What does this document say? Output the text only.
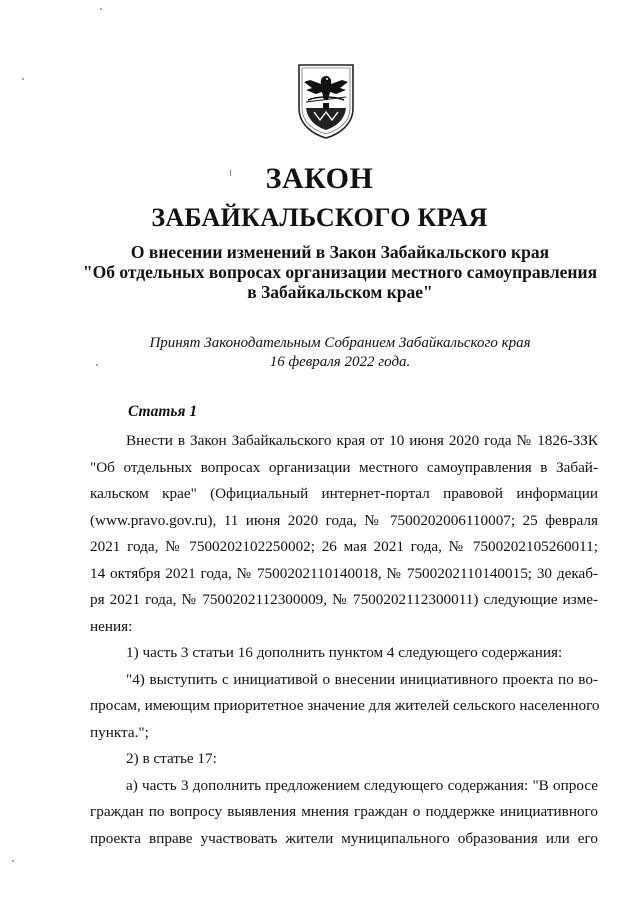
ЗАКОН
ЗАБАЙКАЛЬСКОГО КРАЯ
О внесении изменений в Закон Забайкальского края
"Об отдельных вопросах организации местного самоуправления
в Забайкальском крае"
Принят Законодательным Собранием Забайкальского края
16 февраля 2022 года.
Статья 1
Внести в Закон Забайкальского края от 10 июня 2020 года № 1826-ЗЗК
"Об отдельных вопросах организации местного самоуправления в Забай-
кальском крае" (Официальный интернет-портал правовой информации
(www.pravo.gov.ru), 11 июня 2020 года, № 7500202006110007; 25 февраля
2021 года, № 7500202102250002; 26 мая 2021 года, № 7500202105260011;
14 октября 2021 года, № 7500202110140018, № 7500202110140015; 30 декаб-
ря 2021 года, № 7500202112300009, № 7500202112300011) следующие изме-
нения:
1) часть 3 статьи 16 дополнить пунктом 4 следующего содержания:
"4) выступить с инициативой о внесении инициативного проекта по во-
просам, имеющим приоритетное значение для жителей сельского населенного
пункта.";
2) в статье 17:
а) часть 3 дополнить предложением следующего содержания: "В опросе
граждан по вопросу выявления мнения граждан о поддержке инициативного
проекта вправе участвовать жители муниципального образования или его
